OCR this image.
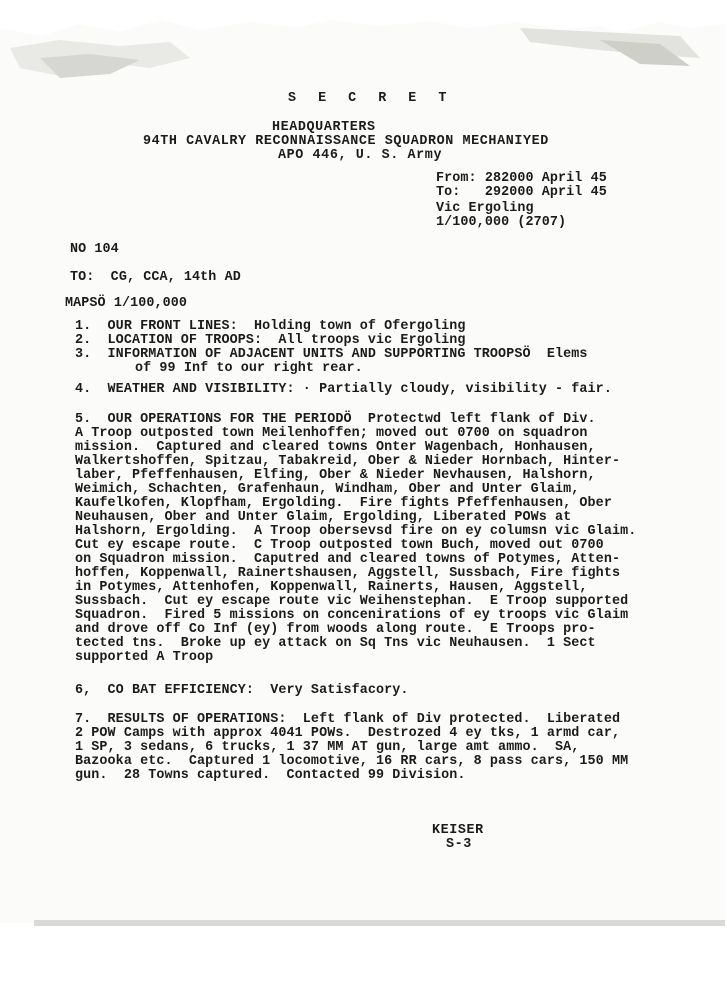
S E C R E T
HEADQUARTERS
94TH CAVALRY RECONNAISSANCE SQUADRON MECHANIYED
APO 446, U. S. Army
From: 282000 April 45
To:   292000 April 45
Vic Ergoling
1/100,000 (2707)
NO 104
TO:  CG, CCA, 14th AD
MAPSÖ 1/100,000
1.  OUR FRONT LINES:  Holding town of Ofergoling
2.  LOCATION OF TROOPS:  All troops vic Ergoling
3.  INFORMATION OF ADJACENT UNITS AND SUPPORTING TROOPSÖ  Elems
of 99 Inf to our right rear.
4.  WEATHER AND VISIBILITY: · Partially cloudy, visibility - fair.
5.  OUR OPERATIONS FOR THE PERIODÖ  Protectwd left flank of Div.
A Troop outposted town Meilenhoffen; moved out 0700 on squadron
mission.  Captured and cleared towns Onter Wagenbach, Honhausen,
Walkertshoffen, Spitzau, Tabakreid, Ober & Nieder Hornbach, Hinter-
laber, Pfeffenhausen, Elfing, Ober & Nieder Nevhausen, Halshorn,
Weimich, Schachten, Grafenhaun, Windham, Ober and Unter Glaim,
Kaufelkofen, Klopfham, Ergolding.  Fire fights Pfeffenhausen, Ober
Neuhausen, Ober and Unter Glaim, Ergolding, Liberated POWs at
Halshorn, Ergolding.  A Troop obersevsd fire on ey columsn vic Glaim.
Cut ey escape route.  C Troop outposted town Buch, moved out 0700
on Squadron mission.  Caputred and cleared towns of Potymes, Atten-
hoffen, Koppenwall, Rainertshausen, Aggstell, Sussbach, Fire fights
in Potymes, Attenhofen, Koppenwall, Rainerts, Hausen, Aggstell,
Sussbach.  Cut ey escape route vic Weihenstephan.  E Troop supported
Squadron.  Fired 5 missions on concenirations of ey troops vic Glaim
and drove off Co Inf (ey) from woods along route.  E Troops pro-
tected tns.  Broke up ey attack on Sq Tns vic Neuhausen.  1 Sect
supported A Troop
6,  CO BAT EFFICIENCY:  Very Satisfacory.
7.  RESULTS OF OPERATIONS:  Left flank of Div protected.  Liberated
2 POW Camps with approx 4041 POWs.  Destrozed 4 ey tks, 1 armd car,
1 SP, 3 sedans, 6 trucks, 1 37 MM AT gun, large amt ammo.  SA,
Bazooka etc.  Captured 1 locomotive, 16 RR cars, 8 pass cars, 150 MM
gun.  28 Towns captured.  Contacted 99 Division.
KEISER
S-3
